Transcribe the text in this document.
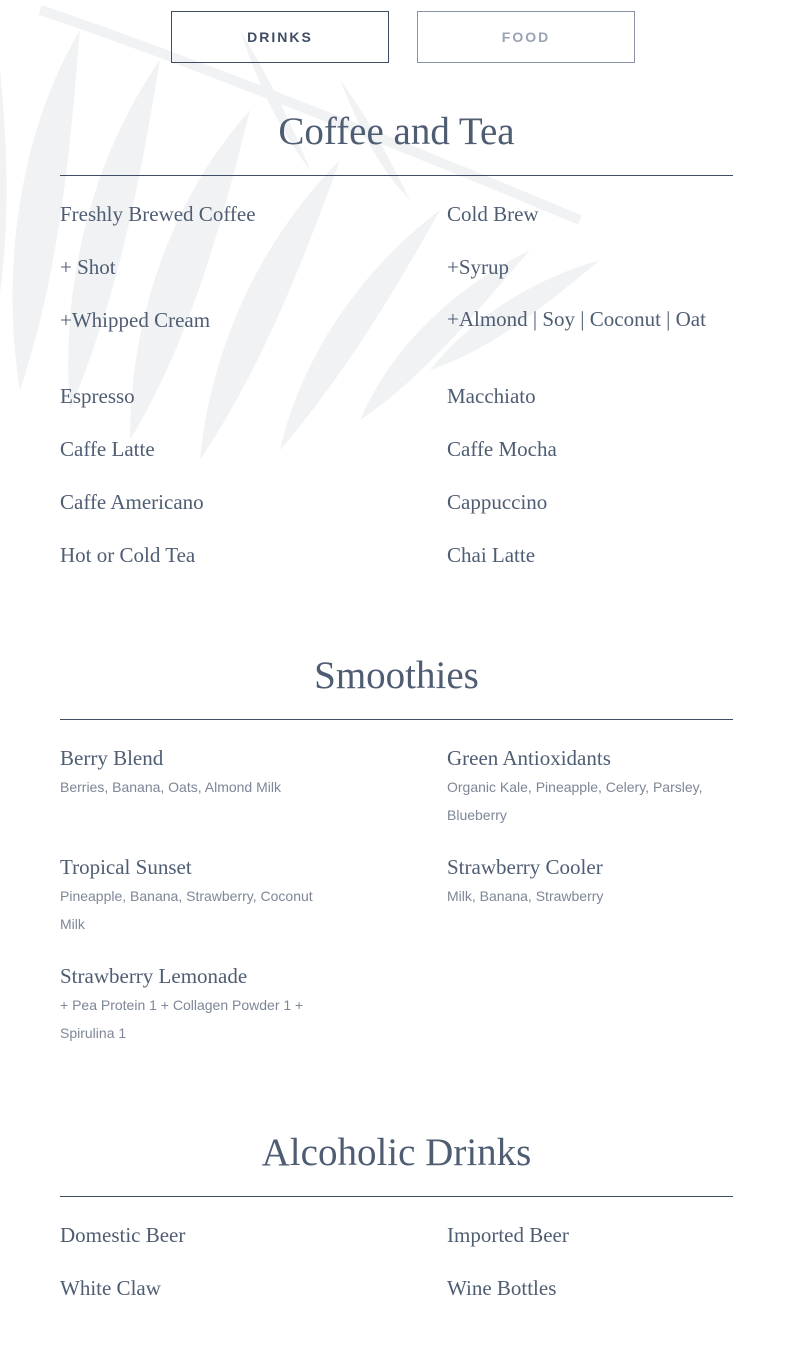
DRINKS	FOOD
Coffee and Tea
Freshly Brewed Coffee	Cold Brew
+ Shot	+Syrup
+Whipped Cream	+Almond | Soy | Coconut | Oat
Espresso	Macchiato
Caffe Latte	Caffe Mocha
Caffe Americano	Cappuccino
Hot or Cold Tea	Chai Latte
Smoothies
Berry Blend
Berries, Banana, Oats, Almond Milk
Green Antioxidants
Organic Kale, Pineapple, Celery, Parsley, Blueberry
Tropical Sunset
Pineapple, Banana, Strawberry, Coconut Milk
Strawberry Cooler
Milk, Banana, Strawberry
Strawberry Lemonade
+ Pea Protein 1 + Collagen Powder 1 + Spirulina 1
Alcoholic Drinks
Domestic Beer	Imported Beer
White Claw	Wine Bottles
